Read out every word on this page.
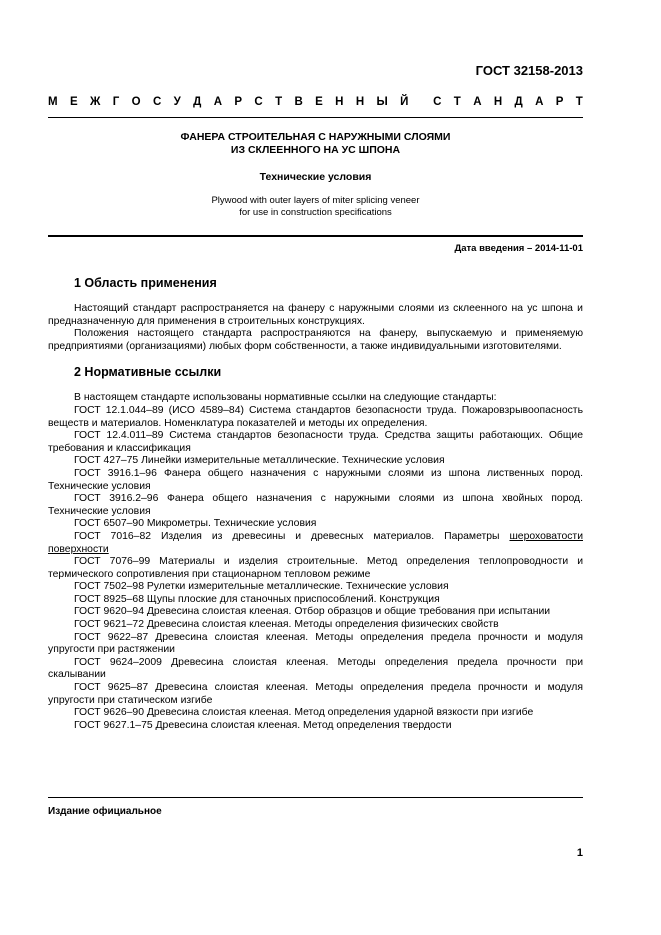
ГОСТ 32158-2013
М Е Ж Г О С У Д А Р С Т В Е Н Н Ы Й С Т А Н Д А Р Т
ФАНЕРА СТРОИТЕЛЬНАЯ С НАРУЖНЫМИ СЛОЯМИ
ИЗ СКЛЕЕННОГО НА УС ШПОНА
Технические условия
Plywood with outer layers of miter splicing veneer
for use in construction specifications
Дата введения – 2014-11-01
1 Область применения

Настоящий стандарт распространяется на фанеру с наружными слоями из склеенного на ус шпона и предназначенную для применения в строительных конструкциях.

Положения настоящего стандарта распространяются на фанеру, выпускаемую и применяемую предприятиями (организациями) любых форм собственности, а также индивидуальными изготовителями.

2 Нормативные ссылки

В настоящем стандарте использованы нормативные ссылки на следующие стандарты:

ГОСТ 12.1.044–89 (ИСО 4589–84) Система стандартов безопасности труда. Пожаровзрывоопасность веществ и материалов. Номенклатура показателей и методы их определения.

ГОСТ 12.4.011–89 Система стандартов безопасности труда. Средства защиты работающих. Общие требования и классификация

ГОСТ 427–75 Линейки измерительные металлические. Технические условия

ГОСТ 3916.1–96 Фанера общего назначения с наружными слоями из шпона лиственных пород. Технические условия

ГОСТ 3916.2–96 Фанера общего назначения с наружными слоями из шпона хвойных пород. Технические условия

ГОСТ 6507–90 Микрометры. Технические условия

ГОСТ 7016–82 Изделия из древесины и древесных материалов. Параметры шероховатости поверхности

ГОСТ 7076–99 Материалы и изделия строительные. Метод определения теплопроводности и термического сопротивления при стационарном тепловом режиме

ГОСТ 7502–98 Рулетки измерительные металлические. Технические условия

ГОСТ 8925–68 Щупы плоские для станочных приспособлений. Конструкция

ГОСТ 9620–94 Древесина слоистая клееная. Отбор образцов и общие требования при испытании

ГОСТ 9621–72 Древесина слоистая клееная. Методы определения физических свойств

ГОСТ 9622–87 Древесина слоистая клееная. Методы определения предела прочности и модуля упругости при растяжении

ГОСТ 9624–2009 Древесина слоистая клееная. Методы определения предела прочности при скалывании

ГОСТ 9625–87 Древесина слоистая клееная. Методы определения предела прочности и модуля упругости при статическом изгибе

ГОСТ 9626–90 Древесина слоистая клееная. Метод определения ударной вязкости при изгибе

ГОСТ 9627.1–75 Древесина слоистая клееная. Метод определения твердости

Издание официальное
1
